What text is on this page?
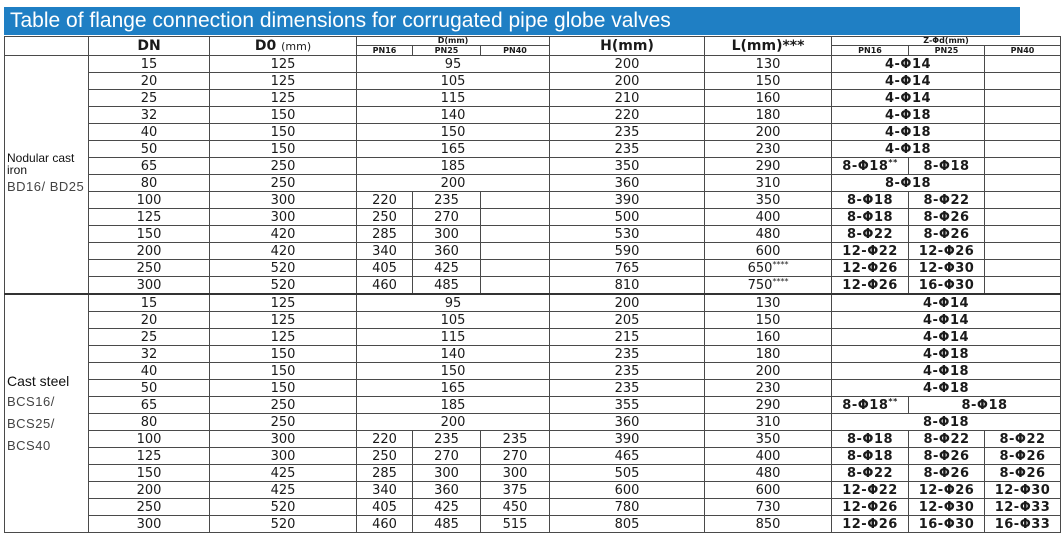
Table of flange connection dimensions for corrugated pipe globe valves
	DN	D0 (mm)	D(mm)			H(mm)	L(mm)***	Z-Φd(mm)		
			PN16	PN25	PN40			PN16	PN25	PN40

Nodular cast iron
BD16/ BD25	15	125	95			200	130	4-Φ14		
	20	125	105			200	150	4-Φ14		
	25	125	115			210	160	4-Φ14		
	32	150	140			220	180	4-Φ18		
	40	150	150			235	200	4-Φ18		
	50	150	165			235	230	4-Φ18		
	65	250	185			350	290	8-Φ18**	8-Φ18	
	80	250	200			360	310	8-Φ18		
	100	300	220	235		390	350	8-Φ18	8-Φ22	
	125	300	250	270		500	400	8-Φ18	8-Φ26	
	150	420	285	300		530	480	8-Φ22	8-Φ26	
	200	420	340	360		590	600	12-Φ22	12-Φ26	
	250	520	405	425		765	650****	12-Φ26	12-Φ30	
	300	520	460	485		810	750****	12-Φ26	16-Φ30	

Cast steel
BCS16/ BCS25/ BCS40	15	125	95			200	130	4-Φ14		
	20	125	105			205	150	4-Φ14		
	25	125	115			215	160	4-Φ14		
	32	150	140			235	180	4-Φ18		
	40	150	150			235	200	4-Φ18		
	50	150	165			235	230	4-Φ18		
	65	250	185			355	290	8-Φ18**	8-Φ18	
	80	250	200			360	310	8-Φ18		
	100	300	220	235	235	390	350	8-Φ18	8-Φ22	8-Φ22
	125	300	250	270	270	465	400	8-Φ18	8-Φ26	8-Φ26
	150	425	285	300	300	505	480	8-Φ22	8-Φ26	8-Φ26
	200	425	340	360	375	600	600	12-Φ22	12-Φ26	12-Φ30
	250	520	405	425	450	780	730	12-Φ26	12-Φ30	12-Φ33
	300	520	460	485	515	805	850	12-Φ26	16-Φ30	16-Φ33
